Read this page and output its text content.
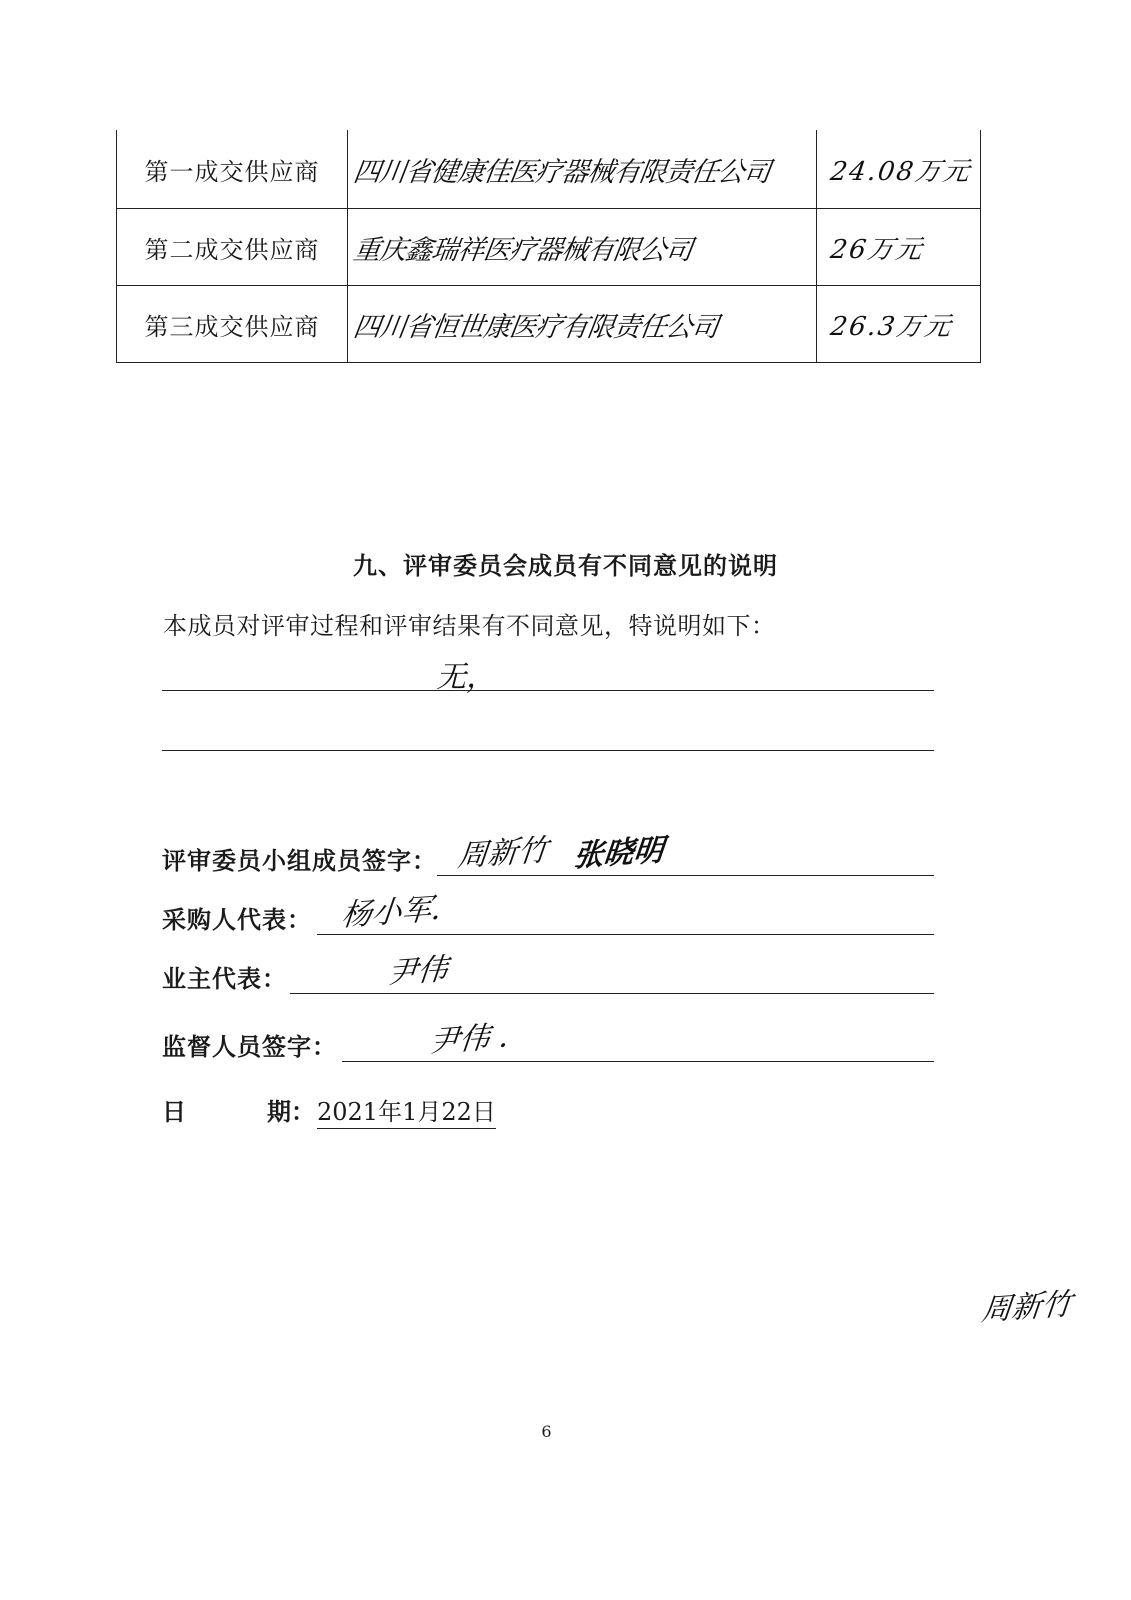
第一成交供应商	四川省健康佳医疗器械有限责任公司	24.08万元
第二成交供应商	重庆鑫瑞祥医疗器械有限公司	26万元
第三成交供应商	四川省恒世康医疗有限责任公司	26.3万元
九、评审委员会成员有不同意见的说明
本成员对评审过程和评审结果有不同意见，特说明如下：
无，
评审委员小组成员签字： 周新竹 张晓明
采购人代表： 杨小军.
业主代表：	尹伟
监督人员签字：	尹伟 .
日	期： 2021年1月22日
周新竹
6
